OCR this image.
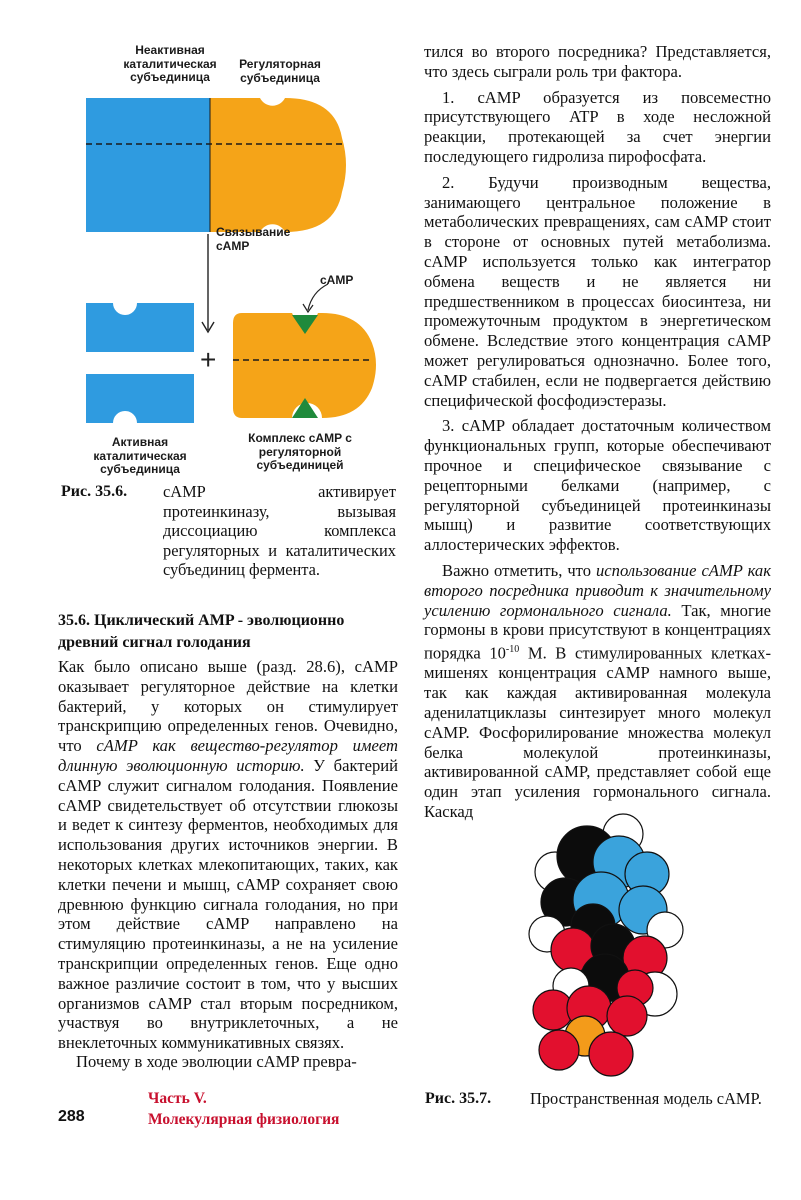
Неактивная каталитическая субъединица
Регуляторная субъединица
Связывание cAMP
cAMP
+
Активная каталитическая субъединица
Комплекс cAMP с регуляторной субъединицей
Рис. 35.6. cAMP активирует протеинкиназу, вызывая диссоциацию комплекса регуляторных и каталитических субъединиц фермента.
35.6. Циклический AMP - эволюционно древний сигнал голодания

Как было описано выше (разд. 28.6), cAMP оказывает регуляторное действие на клетки бактерий, у которых он стимулирует транскрипцию определенных генов. Очевидно, что cAMP как вещество-регулятор имеет длинную эволюционную историю. У бактерий cAMP служит сигналом голодания. Появление cAMP свидетельствует об отсутствии глюкозы и ведет к синтезу ферментов, необходимых для использования других источников энергии. В некоторых клетках млекопитающих, таких, как клетки печени и мышц, cAMP сохраняет свою древнюю функцию сигнала голодания, но при этом действие cAMP направлено на стимуляцию протеинкиназы, а не на усиление транскрипции определенных генов. Еще одно важное различие состоит в том, что у высших организмов cAMP стал вторым посредником, участвуя во внутриклеточных, а не внеклеточных коммуникативных связях.

Почему в ходе эволюции cAMP превра-

тился во второго посредника? Представляется, что здесь сыграли роль три фактора.

1. cAMP образуется из повсеместно присутствующего ATP в ходе несложной реакции, протекающей за счет энергии последующего гидролиза пирофосфата.

2. Будучи производным вещества, занимающего центральное положение в метаболических превращениях, сам cAMP стоит в стороне от основных путей метаболизма. cAMP используется только как интегратор обмена веществ и не является ни предшественником в процессах биосинтеза, ни промежуточным продуктом в энергетическом обмене. Вследствие этого концентрация cAMP может регулироваться однозначно. Более того, cAMP стабилен, если не подвергается действию специфической фосфодиэстеразы.

3. cAMP обладает достаточным количеством функциональных групп, которые обеспечивают прочное и специфическое связывание с рецепторными белками (например, с регуляторной субъединицей протеинкиназы мышц) и развитие соответствующих аллостерических эффектов.

Важно отметить, что использование cAMP как второго посредника приводит к значительному усилению гормонального сигнала. Так, многие гормоны в крови присутствуют в концентрациях порядка $10^{-10}$ М. В стимулированных клетках-мишенях концентрация cAMP намного выше, так как каждая активированная молекула аденилатциклазы синтезирует много молекул cAMP. Фосфорилирование множества молекул белка молекулой протеинкиназы, активированной cAMP, представляет собой еще один этап усиления гормонального сигнала. Каскад

Рис. 35.7. Пространственная модель cAMP.
288
Часть V.
Молекулярная физиология
